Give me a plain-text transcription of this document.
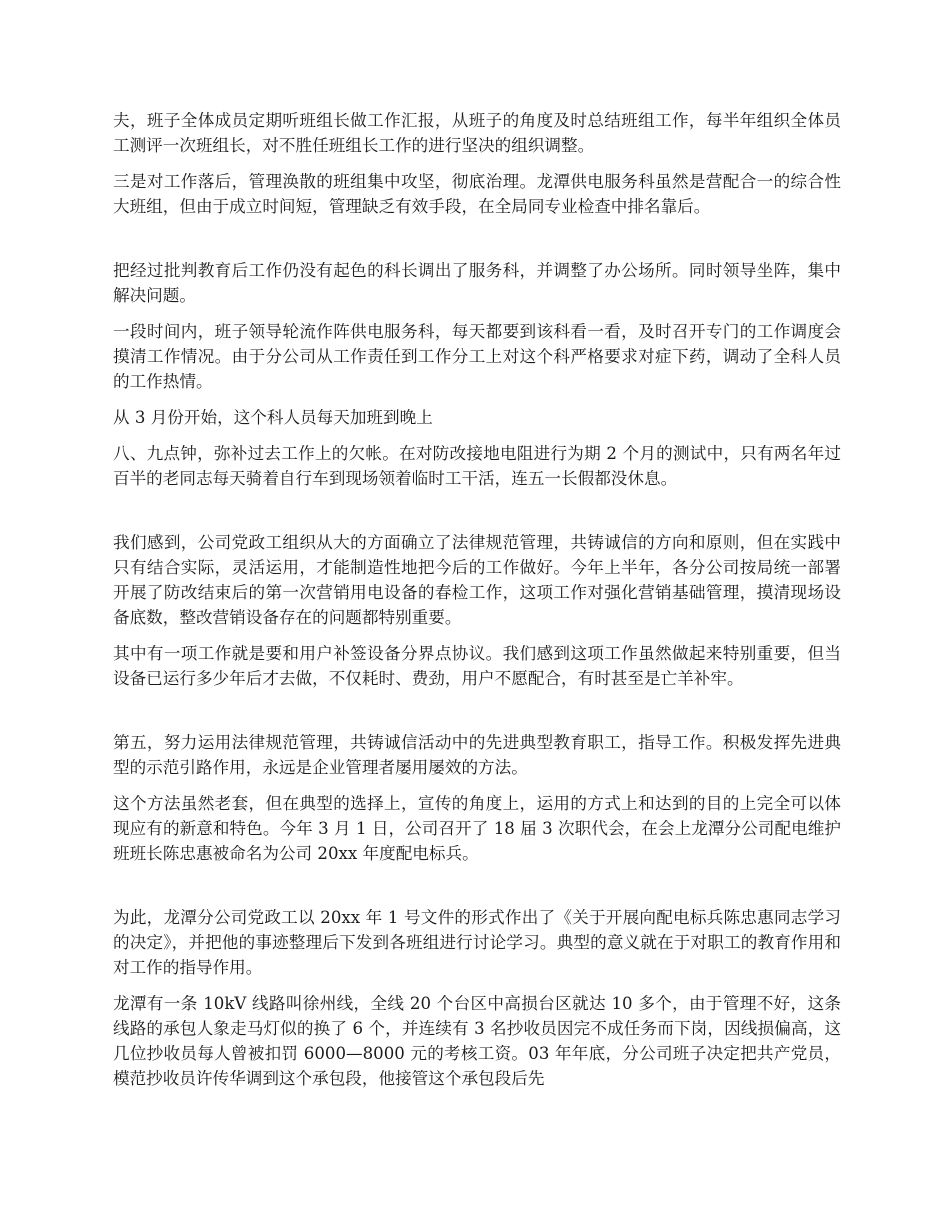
夫，班子全体成员定期听班组长做工作汇报，从班子的角度及时总结班组工作，每半年组织全体员工测评一次班组长，对不胜任班组长工作的进行坚决的组织调整。

三是对工作落后，管理涣散的班组集中攻坚，彻底治理。龙潭供电服务科虽然是营配合一的综合性大班组，但由于成立时间短，管理缺乏有效手段，在全局同专业检查中排名靠后。

把经过批判教育后工作仍没有起色的科长调出了服务科，并调整了办公场所。同时领导坐阵，集中解决问题。

一段时间内，班子领导轮流作阵供电服务科，每天都要到该科看一看，及时召开专门的工作调度会摸清工作情况。由于分公司从工作责任到工作分工上对这个科严格要求对症下药，调动了全科人员的工作热情。

从 3 月份开始，这个科人员每天加班到晚上

八、九点钟，弥补过去工作上的欠帐。在对防改接地电阻进行为期 2 个月的测试中，只有两名年过百半的老同志每天骑着自行车到现场领着临时工干活，连五一长假都没休息。

我们感到，公司党政工组织从大的方面确立了法律规范管理，共铸诚信的方向和原则，但在实践中只有结合实际，灵活运用，才能制造性地把今后的工作做好。今年上半年，各分公司按局统一部署开展了防改结束后的第一次营销用电设备的春检工作，这项工作对强化营销基础管理，摸清现场设备底数，整改营销设备存在的问题都特别重要。

其中有一项工作就是要和用户补签设备分界点协议。我们感到这项工作虽然做起来特别重要，但当设备已运行多少年后才去做，不仅耗时、费劲，用户不愿配合，有时甚至是亡羊补牢。

第五，努力运用法律规范管理，共铸诚信活动中的先进典型教育职工，指导工作。积极发挥先进典型的示范引路作用，永远是企业管理者屡用屡效的方法。

这个方法虽然老套，但在典型的选择上，宣传的角度上，运用的方式上和达到的目的上完全可以体现应有的新意和特色。今年 3 月 1 日，公司召开了 18 届 3 次职代会，在会上龙潭分公司配电维护班班长陈忠惠被命名为公司 20xx 年度配电标兵。

为此，龙潭分公司党政工以 20xx 年 1 号文件的形式作出了《关于开展向配电标兵陈忠惠同志学习的决定》，并把他的事迹整理后下发到各班组进行讨论学习。典型的意义就在于对职工的教育作用和对工作的指导作用。

龙潭有一条 10kV 线路叫徐州线，全线 20 个台区中高损台区就达 10 多个，由于管理不好，这条线路的承包人象走马灯似的换了 6 个，并连续有 3 名抄收员因完不成任务而下岗，因线损偏高，这几位抄收员每人曾被扣罚 6000—8000 元的考核工资。03 年年底，分公司班子决定把共产党员，模范抄收员许传华调到这个承包段，他接管这个承包段后先
